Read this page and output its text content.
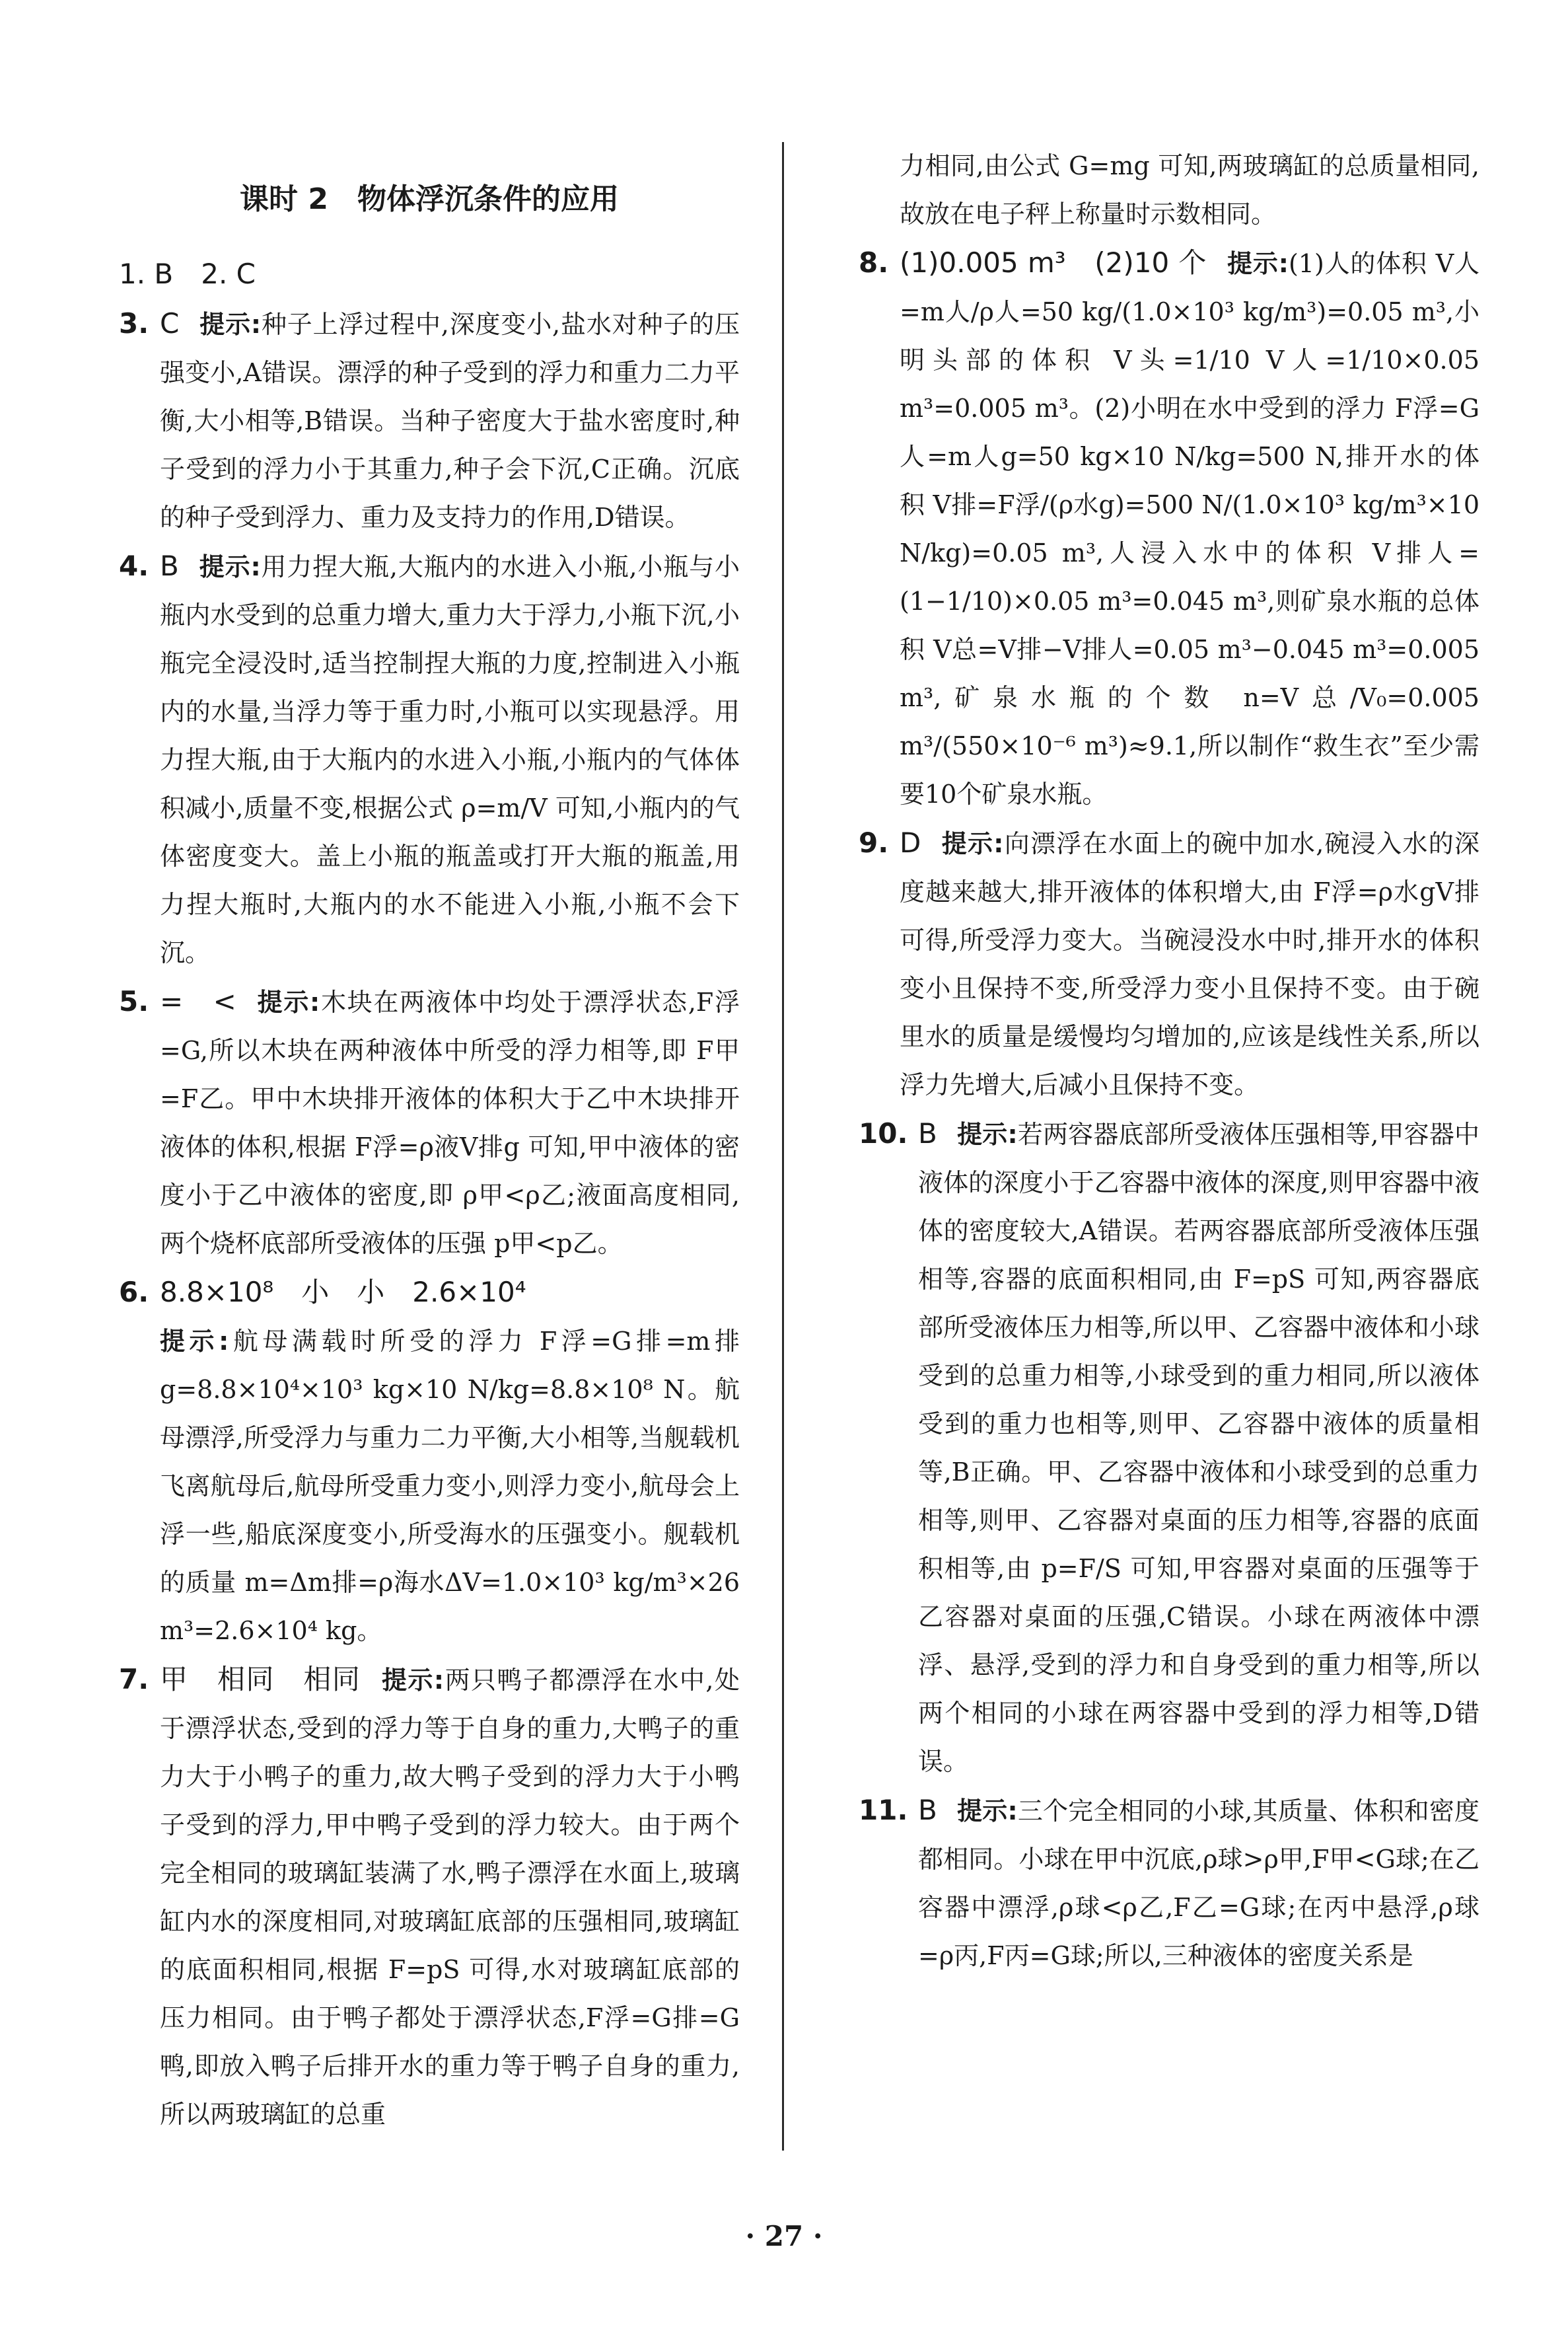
课时 2　物体浮沉条件的应用

1. B　2. C

3. C 提示:种子上浮过程中,深度变小,盐水对种子的压强变小,A错误。漂浮的种子受到的浮力和重力二力平衡,大小相等,B错误。当种子密度大于盐水密度时,种子受到的浮力小于其重力,种子会下沉,C正确。沉底的种子受到浮力、重力及支持力的作用,D错误。

4. B 提示:用力捏大瓶,大瓶内的水进入小瓶,小瓶与小瓶内水受到的总重力增大,重力大于浮力,小瓶下沉,小瓶完全浸没时,适当控制捏大瓶的力度,控制进入小瓶内的水量,当浮力等于重力时,小瓶可以实现悬浮。用力捏大瓶,由于大瓶内的水进入小瓶,小瓶内的气体体积减小,质量不变,根据公式 ρ=m/V 可知,小瓶内的气体密度变大。盖上小瓶的瓶盖或打开大瓶的瓶盖,用力捏大瓶时,大瓶内的水不能进入小瓶,小瓶不会下沉。

5. =　< 提示:木块在两液体中均处于漂浮状态,F浮=G,所以木块在两种液体中所受的浮力相等,即 F甲=F乙。甲中木块排开液体的体积大于乙中木块排开液体的体积,根据 F浮=ρ液V排g 可知,甲中液体的密度小于乙中液体的密度,即 ρ甲<ρ乙;液面高度相同,两个烧杯底部所受液体的压强 p甲<p乙。

6. 8.8×10⁸　小　小　2.6×10⁴
提示:航母满载时所受的浮力 F浮=G排=m排g=8.8×10⁴×10³ kg×10 N/kg=8.8×10⁸ N。航母漂浮,所受浮力与重力二力平衡,大小相等,当舰载机飞离航母后,航母所受重力变小,则浮力变小,航母会上浮一些,船底深度变小,所受海水的压强变小。舰载机的质量 m=Δm排=ρ海水ΔV=1.0×10³ kg/m³×26 m³=2.6×10⁴ kg。

7. 甲　相同　相同 提示:两只鸭子都漂浮在水中,处于漂浮状态,受到的浮力等于自身的重力,大鸭子的重力大于小鸭子的重力,故大鸭子受到的浮力大于小鸭子受到的浮力,甲中鸭子受到的浮力较大。由于两个完全相同的玻璃缸装满了水,鸭子漂浮在水面上,玻璃缸内水的深度相同,对玻璃缸底部的压强相同,玻璃缸的底面积相同,根据 F=pS 可得,水对玻璃缸底部的压力相同。由于鸭子都处于漂浮状态,F浮=G排=G鸭,即放入鸭子后排开水的重力等于鸭子自身的重力,所以两玻璃缸的总重

力相同,由公式 G=mg 可知,两玻璃缸的总质量相同,故放在电子秤上称量时示数相同。

8. (1)0.005 m³　(2)10 个 提示:(1)人的体积 V人=m人/ρ人=50 kg/(1.0×10³ kg/m³)=0.05 m³,小明头部的体积 V头=1/10 V人=1/10×0.05 m³=0.005 m³。(2)小明在水中受到的浮力 F浮=G人=m人g=50 kg×10 N/kg=500 N,排开水的体积 V排=F浮/(ρ水g)=500 N/(1.0×10³ kg/m³×10 N/kg)=0.05 m³,人浸入水中的体积 V排人=(1−1/10)×0.05 m³=0.045 m³,则矿泉水瓶的总体积 V总=V排−V排人=0.05 m³−0.045 m³=0.005 m³,矿泉水瓶的个数 n=V总/V₀=0.005 m³/(550×10⁻⁶ m³)≈9.1,所以制作“救生衣”至少需要10个矿泉水瓶。

9. D 提示:向漂浮在水面上的碗中加水,碗浸入水的深度越来越大,排开液体的体积增大,由 F浮=ρ水gV排 可得,所受浮力变大。当碗浸没水中时,排开水的体积变小且保持不变,所受浮力变小且保持不变。由于碗里水的质量是缓慢均匀增加的,应该是线性关系,所以浮力先增大,后减小且保持不变。

10. B 提示:若两容器底部所受液体压强相等,甲容器中液体的深度小于乙容器中液体的深度,则甲容器中液体的密度较大,A错误。若两容器底部所受液体压强相等,容器的底面积相同,由 F=pS 可知,两容器底部所受液体压力相等,所以甲、乙容器中液体和小球受到的总重力相等,小球受到的重力相同,所以液体受到的重力也相等,则甲、乙容器中液体的质量相等,B正确。甲、乙容器中液体和小球受到的总重力相等,则甲、乙容器对桌面的压力相等,容器的底面积相等,由 p=F/S 可知,甲容器对桌面的压强等于乙容器对桌面的压强,C错误。小球在两液体中漂浮、悬浮,受到的浮力和自身受到的重力相等,所以两个相同的小球在两容器中受到的浮力相等,D错误。

11. B 提示:三个完全相同的小球,其质量、体积和密度都相同。小球在甲中沉底,ρ球>ρ甲,F甲<G球;在乙容器中漂浮,ρ球<ρ乙,F乙=G球;在丙中悬浮,ρ球=ρ丙,F丙=G球;所以,三种液体的密度关系是

· 27 ·
